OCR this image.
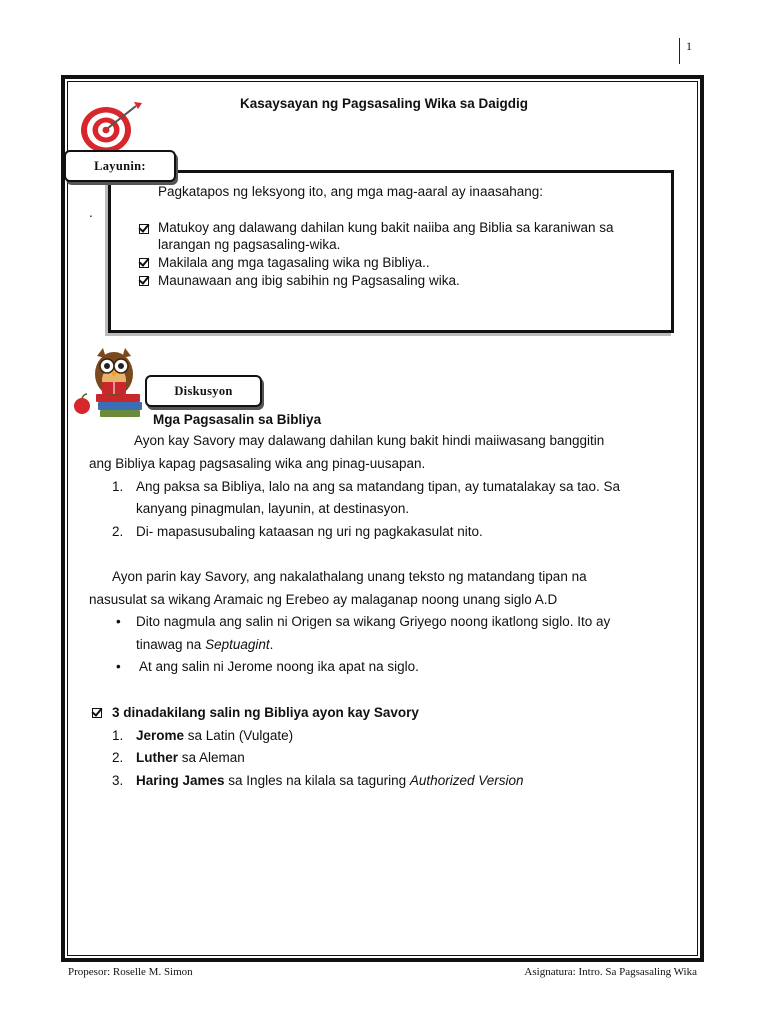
1
Kasaysayan ng Pagsasaling Wika sa Daigdig
Layunin:
.
Pagkatapos ng leksyong ito, ang mga mag-aaral ay inaasahang:
Matukoy ang dalawang dahilan kung bakit naiiba ang Biblia sa karaniwan sa
larangan ng pagsasaling-wika.
Makilala ang mga tagasaling wika ng Bibliya..
Maunawaan ang ibig sabihin ng Pagsasaling wika.
Diskusyon
Mga Pagsasalin sa Bibliya
Ayon kay Savory may dalawang dahilan kung bakit hindi maiiwasang banggitin
ang Bibliya kapag pagsasaling wika ang pinag-uusapan.
1. Ang paksa sa Bibliya, lalo na ang sa matandang tipan, ay tumatalakay sa tao. Sa
kanyang pinagmulan, layunin, at destinasyon.
2. Di- mapasusubaling kataasan ng uri ng pagkakasulat nito.
Ayon parin kay Savory, ang nakalathalang unang teksto ng matandang tipan na
nasusulat sa wikang Aramaic ng Erebeo ay malaganap noong unang siglo A.D
• Dito nagmula ang salin ni Origen sa wikang Griyego noong ikatlong siglo. Ito ay
tinawag na Septuagint.
• At ang salin ni Jerome noong ika apat na siglo.
3 dinadakilang salin ng Bibliya ayon kay Savory
1. Jerome sa Latin (Vulgate)
2. Luther sa Aleman
3. Haring James sa Ingles na kilala sa taguring Authorized Version
Propesor: Roselle M. Simon	Asignatura: Intro. Sa Pagsasaling Wika
